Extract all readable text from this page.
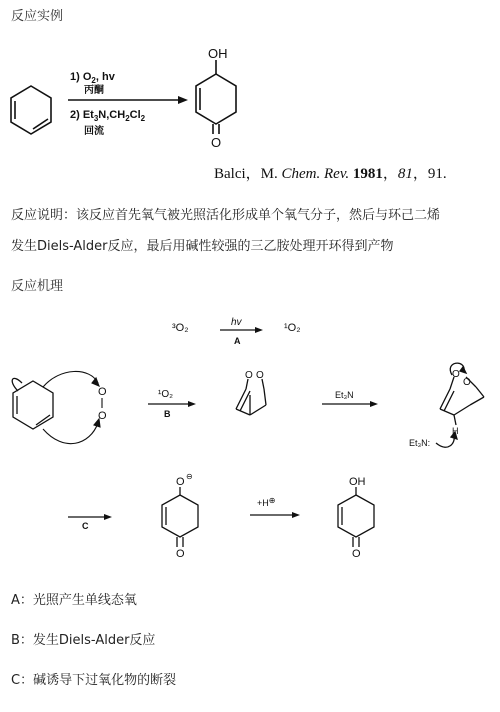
反应实例
1) $O_2$, hv
丙酮
2) $Et_3N,CH_2Cl_2$
回流
OH
O
Balci，M. Chem. Rev. 1981，81，91.
反应说明：该反应首先氧气被光照活化形成单个氧气分子，然后与环己二烯
发生Diels-Alder反应，最后用碱性较强的三乙胺处理开环得到产物
反应机理
³O₂	hv
A
¹O₂
O
O
¹O₂
B
O O
Et₃N
O
O
H
Et₃N:
C
O ⊖
O
+H⊕
OH
O
A：光照产生单线态氧
B：发生Diels-Alder反应
C：碱诱导下过氧化物的断裂
